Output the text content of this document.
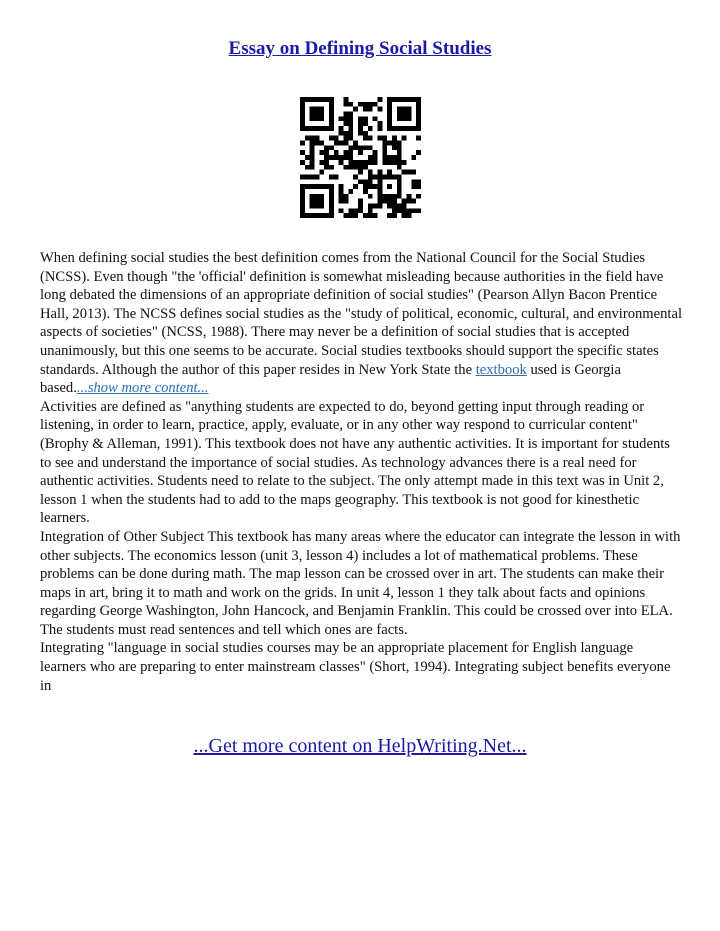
Essay on Defining Social Studies

When defining social studies the best definition comes from the National Council for the Social Studies (NCSS). Even though "the 'official' definition is somewhat misleading because authorities in the field have long debated the dimensions of an appropriate definition of social studies" (Pearson Allyn Bacon Prentice Hall, 2013). The NCSS defines social studies as the "study of political, economic, cultural, and environmental aspects of societies" (NCSS, 1988). There may never be a definition of social studies that is accepted unanimously, but this one seems to be accurate. Social studies textbooks should support the specific states standards. Although the author of this paper resides in New York State the textbook used is Georgia based....show more content...

Activities are defined as "anything students are expected to do, beyond getting input through reading or listening, in order to learn, practice, apply, evaluate, or in any other way respond to curricular content" (Brophy & Alleman, 1991). This textbook does not have any authentic activities. It is important for students to see and understand the importance of social studies. As technology advances there is a real need for authentic activities. Students need to relate to the subject. The only attempt made in this text was in Unit 2, lesson 1 when the students had to add to the maps geography. This textbook is not good for kinesthetic learners.

Integration of Other Subject This textbook has many areas where the educator can integrate the lesson in with other subjects. The economics lesson (unit 3, lesson 4) includes a lot of mathematical problems. These problems can be done during math. The map lesson can be crossed over in art. The students can make their maps in art, bring it to math and work on the grids. In unit 4, lesson 1 they talk about facts and opinions regarding George Washington, John Hancock, and Benjamin Franklin. This could be crossed over into ELA. The students must read sentences and tell which ones are facts.

Integrating "language in social studies courses may be an appropriate placement for English language learners who are preparing to enter mainstream classes" (Short, 1994). Integrating subject benefits everyone in

...Get more content on HelpWriting.Net...
